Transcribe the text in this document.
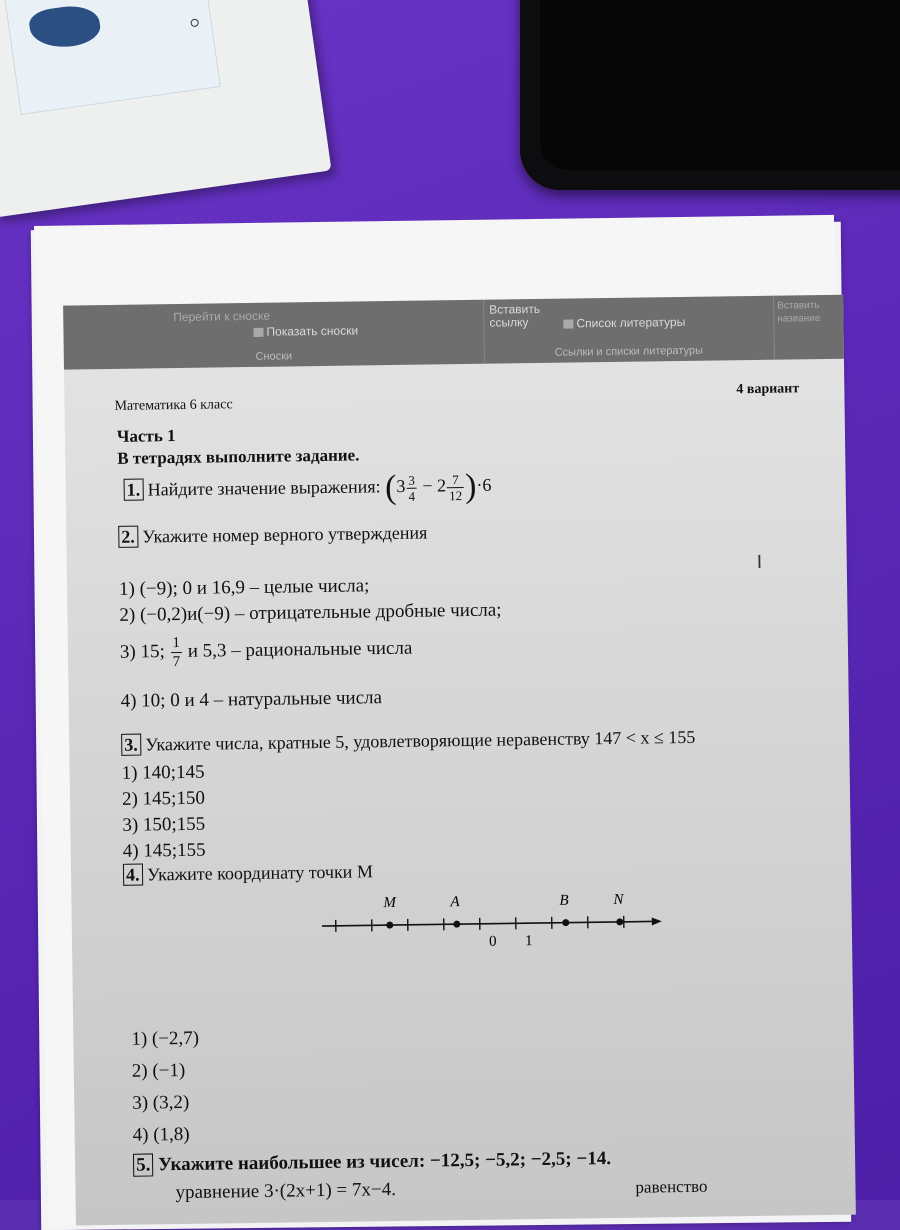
Перейти к сноске
Показать сноски
Сноски
Вставить ссылку	Список литературы
Ссылки и списки литературы
Вставить название
Математика 6 класс
4 вариант
Часть 1
В тетрадях выполните задание.
1. Найдите значение выражения: $(3 \frac{3}{4} - 2 \frac{7}{12} )\cdot 6$
2. Укажите номер верного утверждения
1) (−9); 0 и 16,9 – целые числа;
2) (−0,2)и(−9) – отрицательные дробные числа;
3) 15; $\frac{1}{7}$ и 5,3 – рациональные числа
4) 10; 0 и 4 – натуральные числа
3. Укажите числа, кратные 5, удовлетворяющие неравенству 147 < x ≤ 155
1) 140;145
2) 145;150
3) 150;155
4) 145;155
4. Укажите координату точки М
M	A	B	N
0 1
1) (−2,7)
2) (−1)
3) (3,2)
4) (1,8)
5. Укажите наибольшее из чисел: −12,5; −5,2; −2,5; −14.
уравнение 3·(2x+1) = 7x−4.	равенство
I
